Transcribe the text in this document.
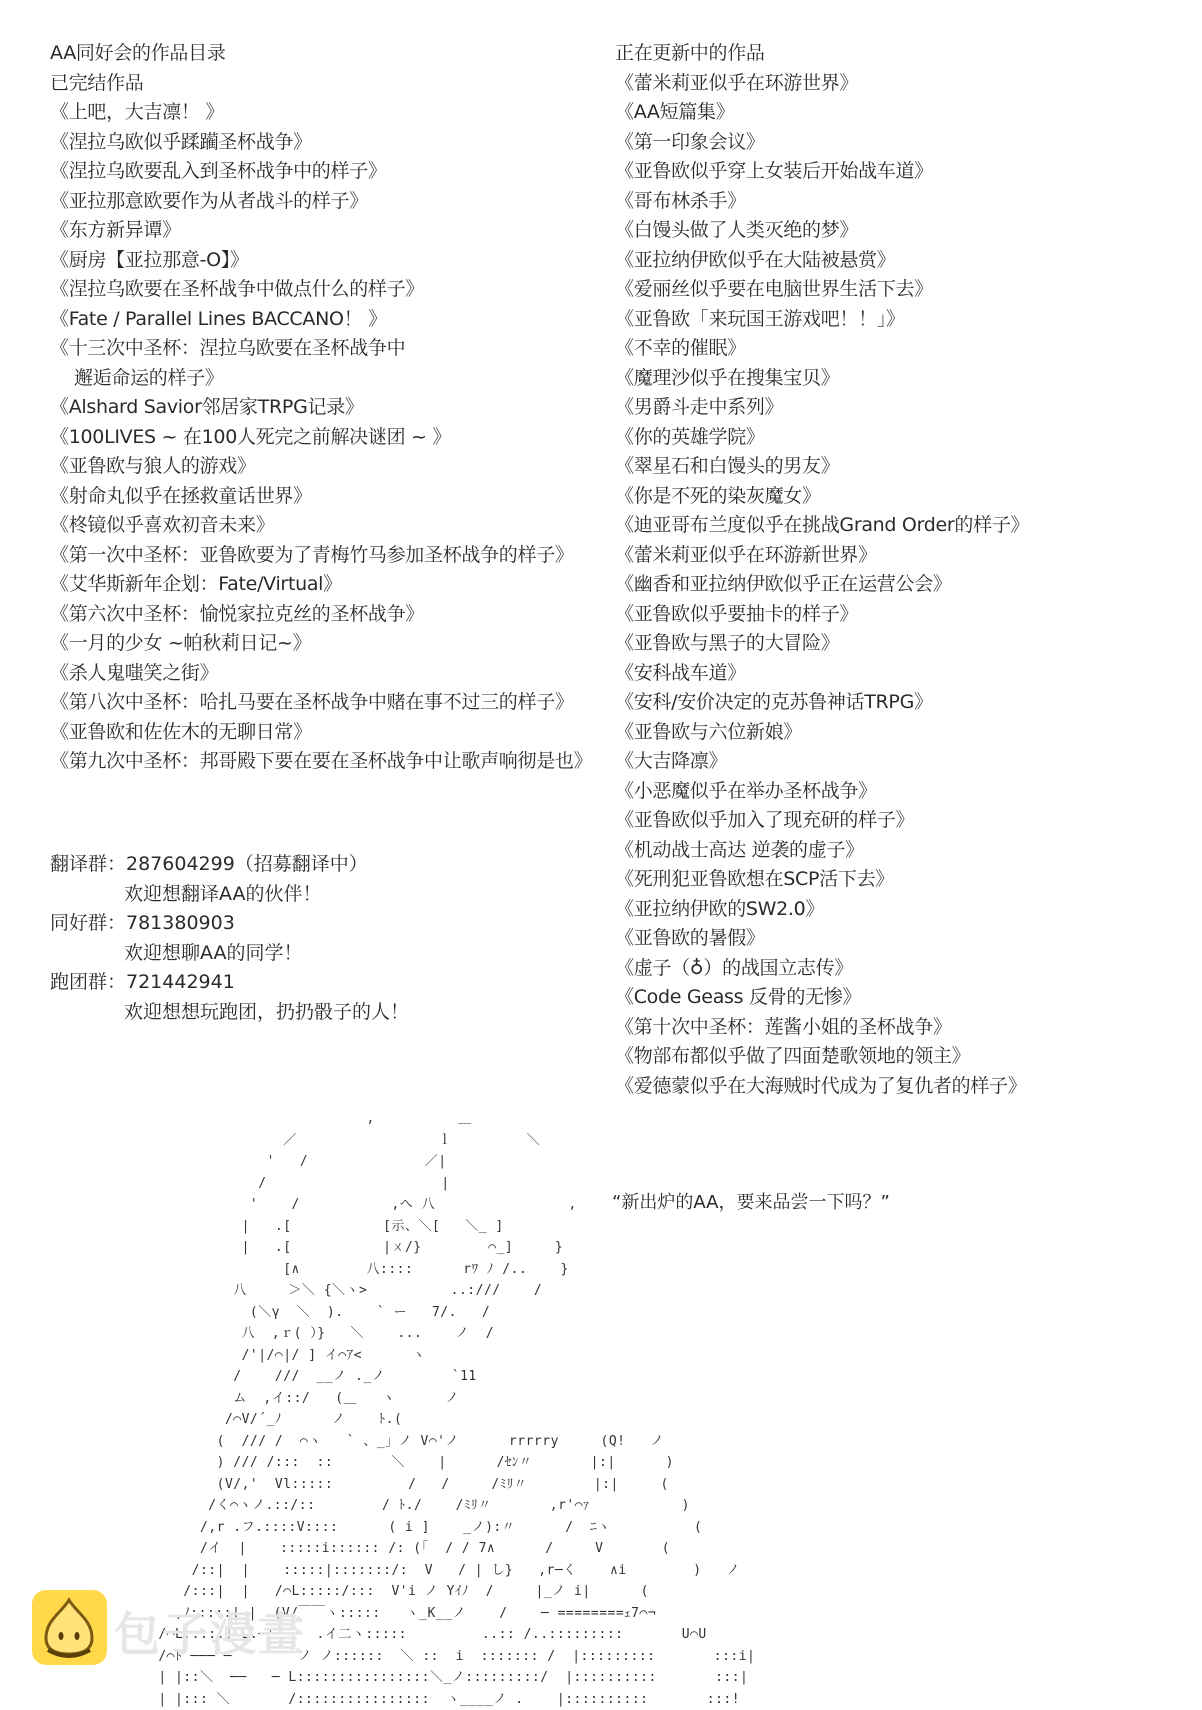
AA同好会的作品目录
已完结作品
《上吧，大吉凛！ 》
《涅拉乌欧似乎蹂躏圣杯战争》
《涅拉乌欧要乱入到圣杯战争中的样子》
《亚拉那意欧要作为从者战斗的样子》
《东方新异谭》
《厨房【亚拉那意-O】》
《涅拉乌欧要在圣杯战争中做点什么的样子》
《Fate / Parallel Lines BACCANO！ 》
《十三次中圣杯：涅拉乌欧要在圣杯战争中
邂逅命运的样子》
《Alshard Savior邻居家TRPG记录》
《100LIVES ~ 在100人死完之前解决谜团 ~ 》
《亚鲁欧与狼人的游戏》
《射命丸似乎在拯救童话世界》
《柊镜似乎喜欢初音未来》
《第一次中圣杯：亚鲁欧要为了青梅竹马参加圣杯战争的样子》
《艾华斯新年企划：Fate/Virtual》
《第六次中圣杯：愉悦家拉克丝的圣杯战争》
《一月的少女 ~帕秋莉日记~》
《杀人鬼嗤笑之街》
《第八次中圣杯：哈扎马要在圣杯战争中赌在事不过三的样子》
《亚鲁欧和佐佐木的无聊日常》
《第九次中圣杯：邦哥殿下要在要在圣杯战争中让歌声响彻是也》
正在更新中的作品
《蕾米莉亚似乎在环游世界》
《AA短篇集》
《第一印象会议》
《亚鲁欧似乎穿上女装后开始战车道》
《哥布林杀手》
《白馒头做了人类灭绝的梦》
《亚拉纳伊欧似乎在大陆被悬赏》
《爱丽丝似乎要在电脑世界生活下去》
《亚鲁欧「来玩国王游戏吧！！」》
《不幸的催眠》
《魔理沙似乎在搜集宝贝》
《男爵斗走中系列》
《你的英雄学院》
《翠星石和白馒头的男友》
《你是不死的染灰魔女》
《迪亚哥布兰度似乎在挑战Grand Order的样子》
《蕾米莉亚似乎在环游新世界》
《幽香和亚拉纳伊欧似乎正在运营公会》
《亚鲁欧似乎要抽卡的样子》
《亚鲁欧与黑子的大冒险》
《安科战车道》
《安科/安价决定的克苏鲁神话TRPG》
《亚鲁欧与六位新娘》
《大吉降凛》
《小恶魔似乎在举办圣杯战争》
《亚鲁欧似乎加入了现充研的样子》
《机动战士高达 逆袭的虚子》
《死刑犯亚鲁欧想在SCP活下去》
《亚拉纳伊欧的SW2.0》
《亚鲁欧的暑假》
《虚子（♁）的战国立志传》
《Code Geass 反骨的无惨》
《第十次中圣杯：莲酱小姐的圣杯战争》
《物部布都似乎做了四面楚歌领地的领主》
《爱德蒙似乎在大海贼时代成为了复仇者的样子》
翻译群：287604299（招募翻译中）
欢迎想翻译AA的伙伴！
同好群：781380903
欢迎想聊AA的同学！
跑团群：721442941
欢迎想想玩跑团，扔扔骰子的人！
“新出炉的AA，要来品尝一下吗？”
,          ＿
／                 ｌ         ＼
'   /              ／|
/                     |
'    /           ,へ 八                ,
|   .[           [示、＼[   ＼_ ]
|   .[           |ㄨ/}        ⌒_]     }
[∧        八::::      rﾜ ﾉ /..    }
八     ＞＼ {＼ヽ>          ..:///    /
(＼γ  ＼  ).    ` ー   7/.   /
八  ,ｒ( ）}   ＼    ...    ノ  /
/'|/⌒|/ ] イ⌒ｱ<      ヽ
/    ///  __ノ ._ノ        `11
ム  ,イ::/   (＿   ヽ      ノ
/⌒V/´_ﾉ      ノ    ﾄ.(
(  /// /  ⌒ヽ   ` 、_」ノ V⌒'ノ      rrrrry     (Q!   ノ
) /// /:::  ::       ＼    |      /ｾﾝ〃       |:|      )
(V/,'  Vl:::::         /   /     /ﾐﾘ〃        |:|     (
/く⌒ヽノ.::/::        / ﾄ./    /ﾐﾘ〃       ,r'⌒ｧ           )
/,r .フ.::::V::::      ( i ]    _ノ):〃      /  ﾆヽ          (
/イ  |    :::::i:::::: /: (「  / / 7∧      /     V       (
/::|  |    :::::|:::::::/:  V   / | し}   ,r─く    ∧i        )   ノ
/:::|  |   /⌒L:::::/:::  V'i ノ Yｲﾉ  /     |_ノ i|      (
,ﾉ:::::| |  (V/￣￣ヽ:::::   ヽ_K__ノ    /    ─ ========ｪ7⌒¬
/⌒L:::::| L.─'     .イ二ヽ:::::         ..:: /..:::::::::       U⌒U
/⌒ﾄ ─── ─        ノ ノ::::::  ＼ ::  i  ::::::: /  |:::::::::       :::i|
| |::＼  ──   ─ L::::::::::::::::＼_ノ:::::::::/  |::::::::::       :::|
| |::: ＼       /::::::::::::::::  ヽ____ノ .    |::::::::::       :::!
包子漫畫
